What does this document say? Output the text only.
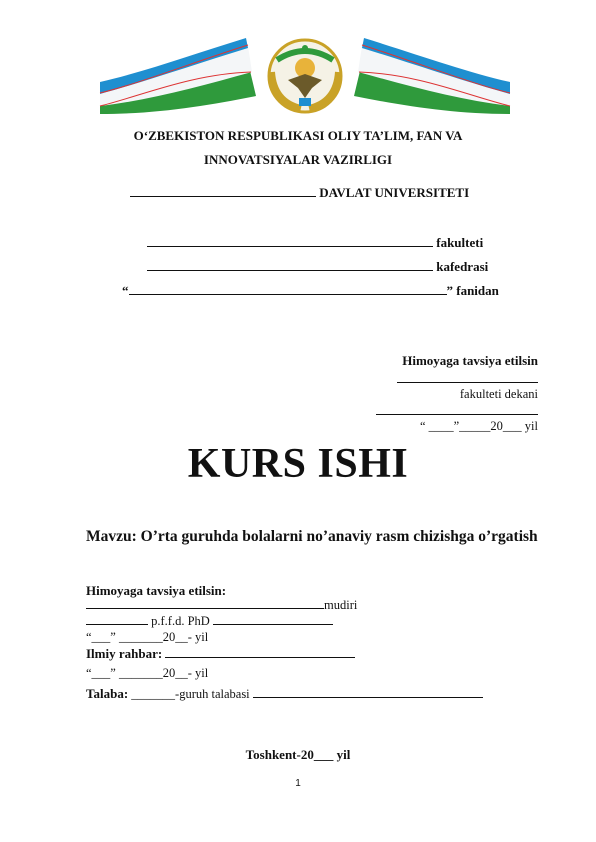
O‘ZBEKISTON RESPUBLIKASI OLIY TA’LIM, FAN VA
INNOVATSIYALAR VAZIRLIGI
DAVLAT UNIVERSITETI
fakulteti
kafedrasi
“	” fanidan
Himoyaga tavsiya etilsin
fakulteti dekani
“ ____”_____20___ yil
KURS ISHI
Mavzu: O’rta guruhda bolalarni no’anaviy rasm chizishga o’rgatish
Himoyaga tavsiya etilsin:
mudiri
p.f.f.d. PhD
“___” _______20__- yil
Ilmiy rahbar:
“___” _______20__- yil
Talaba: _______-guruh talabasi
Toshkent-20___ yil
1
